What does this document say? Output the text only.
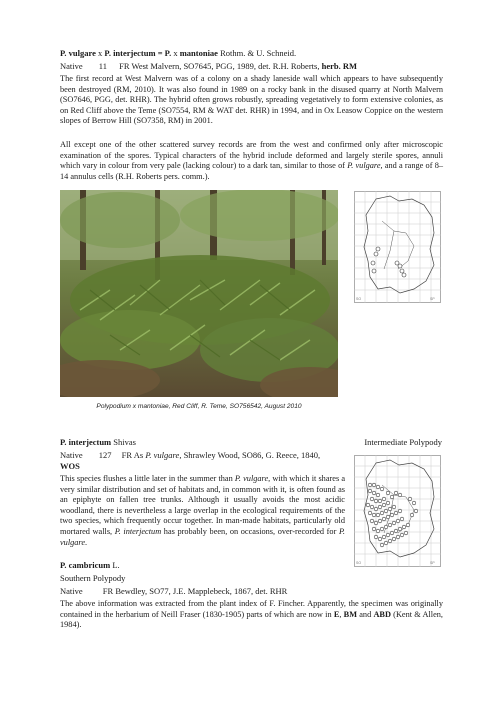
P. vulgare x P. interjectum = P. x mantoniae Rothm. & U. Schneid.
Native 11 FR West Malvern, SO7645, PGG, 1989, det. R.H. Roberts, herb. RM
The first record at West Malvern was of a colony on a shady laneside wall which appears to have subsequently been destroyed (RM, 2010). It was also found in 1989 on a rocky bank in the disused quarry at North Malvern (SO7646, PGG, det. RHR). The hybrid often grows robustly, spreading vegetatively to form extensive colonies, as on Red Cliff above the Teme (SO7554, RM & WAT det. RHR) in 1994, and in Ox Leasow Coppice on the western slopes of Berrow Hill (SO7358, RM) in 2001.
All except one of the other scattered survey records are from the west and confirmed only after microscopic examination of the spores. Typical characters of the hybrid include deformed and largely sterile spores, annuli which vary in colour from very pale (lacking colour) to a dark tan, similar to those of P. vulgare, and a range of 8–14 annulus cells (R.H. Roberts pers. comm.).
Polypodium x mantoniae, Red Cliff, R. Teme, SO756542, August 2010
SO	SP
P. interjectum Shivas	Intermediate Polypody
Native 127 FR As P. vulgare, Shrawley Wood, SO86, G. Reece, 1840,
WOS
This species flushes a little later in the summer than P. vulgare, with which it shares a very similar distribution and set of habitats and, in common with it, is often found as an epiphyte on fallen tree trunks. Although it usually avoids the most acidic woodland, there is nevertheless a large overlap in the ecological requirements of the two species, which frequently occur together. In man-made habitats, particularly old mortared walls, P. interjectum has probably been, on occasions, over-recorded for P. vulgare.
SO	SP
P. cambricum L.
Southern Polypody
Native FR Bewdley, SO77, J.E. Mapplebeck, 1867, det. RHR
The above information was extracted from the plant index of F. Fincher. Apparently, the specimen was originally contained in the herbarium of Neill Fraser (1830-1905) parts of which are now in E, BM and ABD (Kent & Allen, 1984).
